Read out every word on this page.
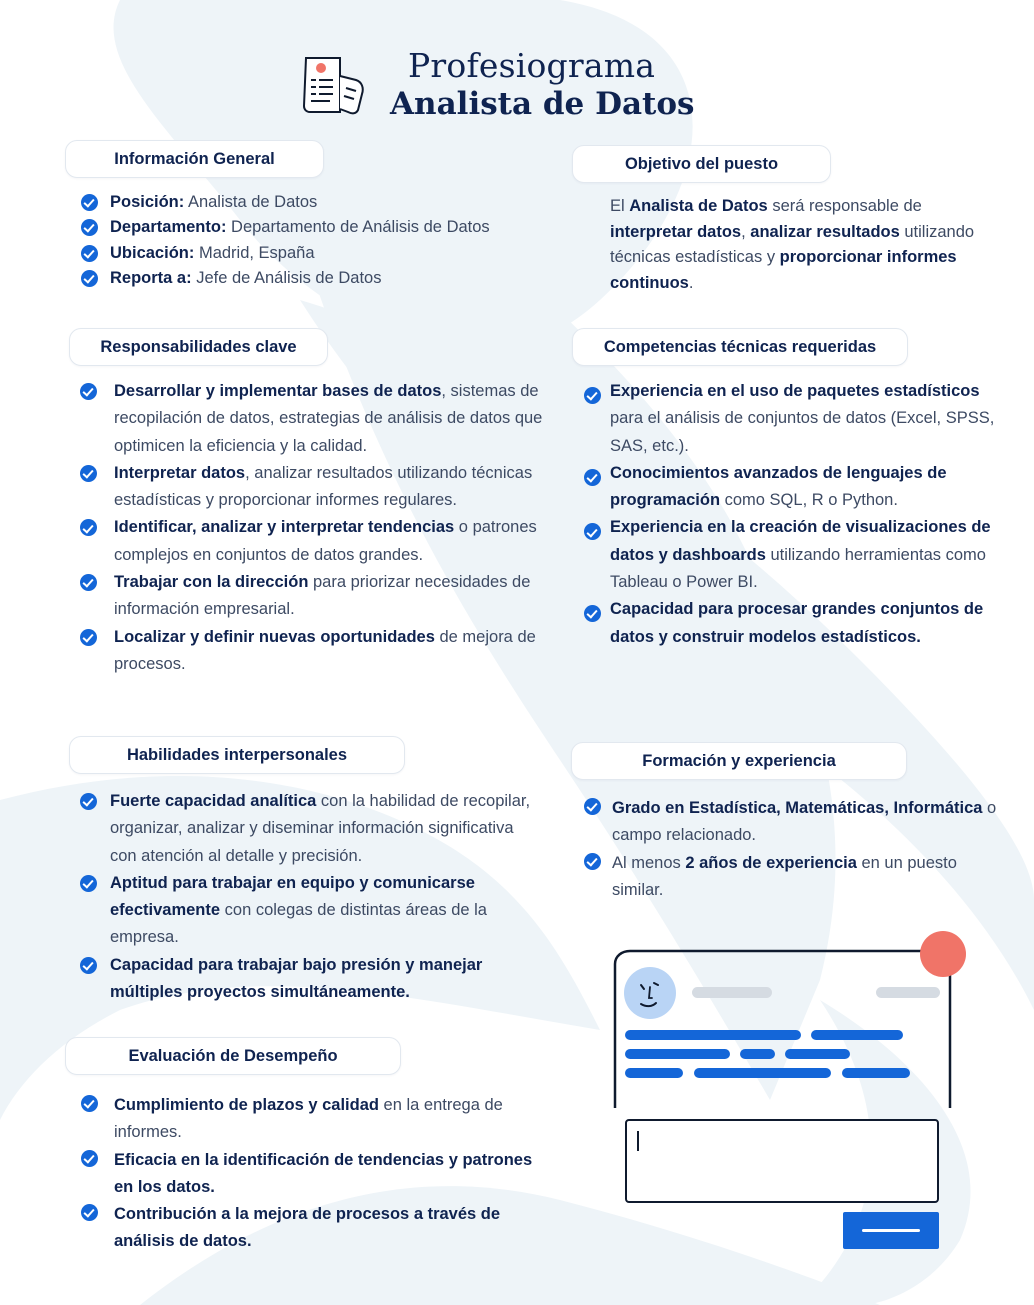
Profesiograma
Analista de Datos
Información General
Posición: Analista de Datos
Departamento: Departamento de Análisis de Datos
Ubicación: Madrid, España
Reporta a: Jefe de Análisis de Datos
Objetivo del puesto
El Analista de Datos será responsable de interpretar datos, analizar resultados utilizando técnicas estadísticas y proporcionar informes continuos.
Responsabilidades clave
Desarrollar y implementar bases de datos, sistemas de recopilación de datos, estrategias de análisis de datos que optimicen la eficiencia y la calidad.
Interpretar datos, analizar resultados utilizando técnicas estadísticas y proporcionar informes regulares.
Identificar, analizar y interpretar tendencias o patrones complejos en conjuntos de datos grandes.
Trabajar con la dirección para priorizar necesidades de información empresarial.
Localizar y definir nuevas oportunidades de mejora de procesos.
Competencias técnicas requeridas
Experiencia en el uso de paquetes estadísticos para el análisis de conjuntos de datos (Excel, SPSS, SAS, etc.).
Conocimientos avanzados de lenguajes de programación como SQL, R o Python.
Experiencia en la creación de visualizaciones de datos y dashboards utilizando herramientas como Tableau o Power BI.
Capacidad para procesar grandes conjuntos de datos y construir modelos estadísticos.
Habilidades interpersonales
Fuerte capacidad analítica con la habilidad de recopilar, organizar, analizar y diseminar información significativa con atención al detalle y precisión.
Aptitud para trabajar en equipo y comunicarse efectivamente con colegas de distintas áreas de la empresa.
Capacidad para trabajar bajo presión y manejar múltiples proyectos simultáneamente.
Formación y experiencia
Grado en Estadística, Matemáticas, Informática o campo relacionado.
Al menos 2 años de experiencia en un puesto similar.
Evaluación de Desempeño
Cumplimiento de plazos y calidad en la entrega de informes.
Eficacia en la identificación de tendencias y patrones en los datos.
Contribución a la mejora de procesos a través de análisis de datos.
